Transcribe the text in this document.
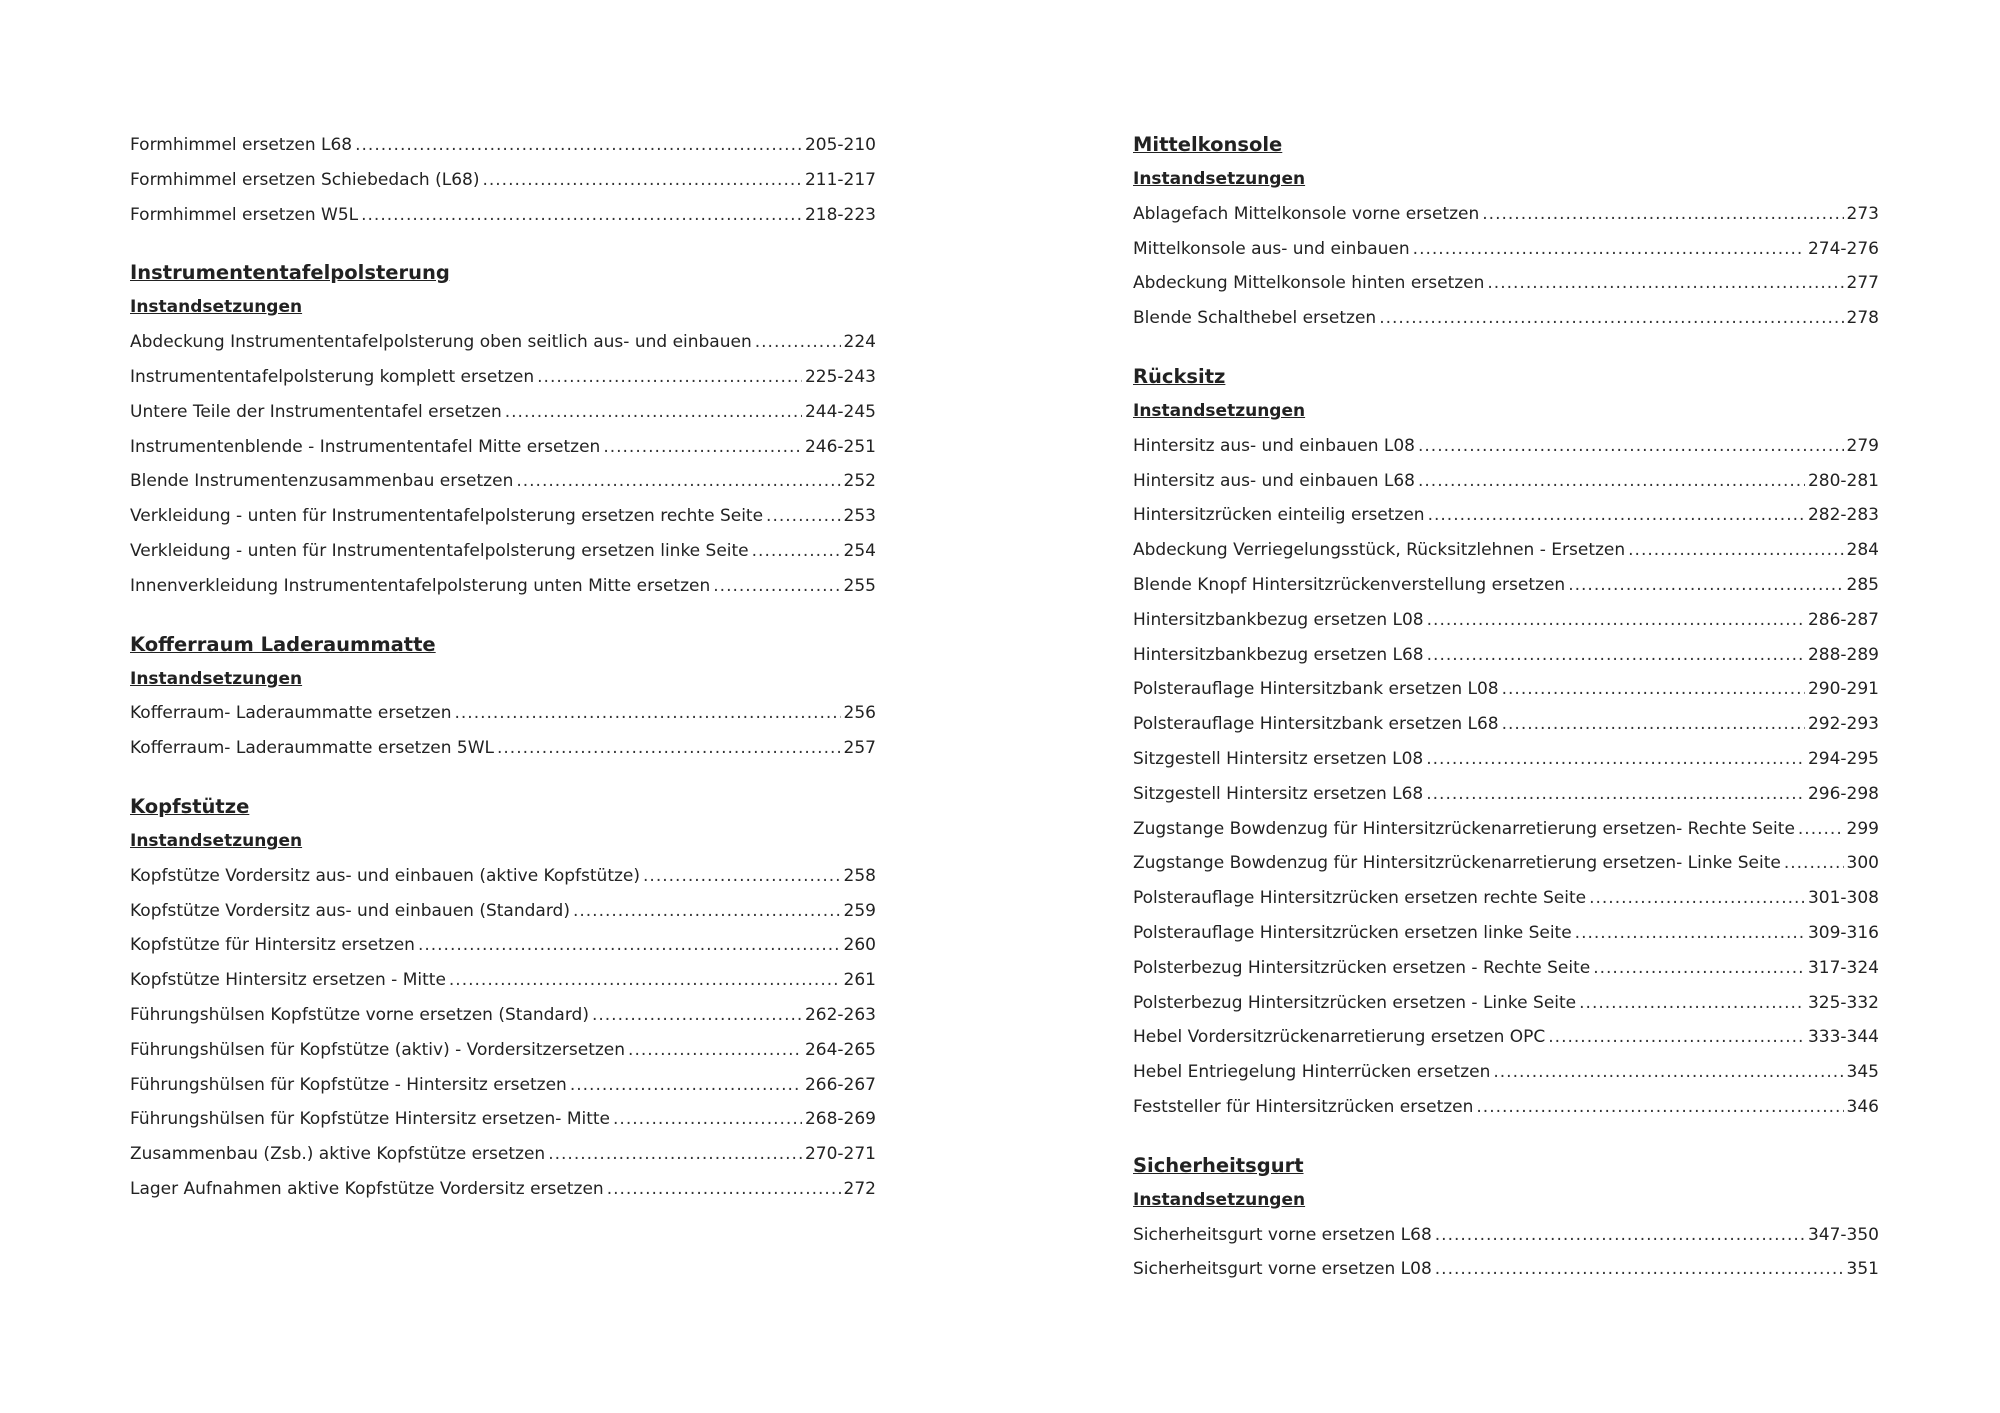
Formhimmel ersetzen L68 .....	205-210
Formhimmel ersetzen Schiebedach (L68) .....	211-217
Formhimmel ersetzen W5L .....	218-223
Instrumententafelpolsterung
Instandsetzungen
Abdeckung Instrumententafelpolsterung oben seitlich aus- und einbauen .....	224
Instrumententafelpolsterung komplett ersetzen .....	225-243
Untere Teile der Instrumententafel ersetzen .....	244-245
Instrumentenblende - Instrumententafel Mitte ersetzen .....	246-251
Blende Instrumentenzusammenbau ersetzen .....	252
Verkleidung - unten für Instrumententafelpolsterung ersetzen rechte Seite .....	253
Verkleidung - unten für Instrumententafelpolsterung ersetzen linke Seite .....	254
Innenverkleidung Instrumententafelpolsterung unten Mitte ersetzen .....	255
Kofferraum Laderaummatte
Instandsetzungen
Kofferraum- Laderaummatte ersetzen .....	256
Kofferraum- Laderaummatte ersetzen 5WL .....	257
Kopfstütze
Instandsetzungen
Kopfstütze Vordersitz aus- und einbauen (aktive Kopfstütze) .....	258
Kopfstütze Vordersitz aus- und einbauen (Standard) .....	259
Kopfstütze für Hintersitz ersetzen .....	260
Kopfstütze Hintersitz ersetzen - Mitte .....	261
Führungshülsen Kopfstütze vorne ersetzen (Standard) .....	262-263
Führungshülsen für Kopfstütze (aktiv) - Vordersitzersetzen .....	264-265
Führungshülsen für Kopfstütze - Hintersitz ersetzen .....	266-267
Führungshülsen für Kopfstütze Hintersitz ersetzen- Mitte .....	268-269
Zusammenbau (Zsb.) aktive Kopfstütze ersetzen .....	270-271
Lager Aufnahmen aktive Kopfstütze Vordersitz ersetzen .....	272
Mittelkonsole
Instandsetzungen
Ablagefach Mittelkonsole vorne ersetzen .....	273
Mittelkonsole aus- und einbauen .....	274-276
Abdeckung Mittelkonsole hinten ersetzen .....	277
Blende Schalthebel ersetzen .....	278
Rücksitz
Instandsetzungen
Hintersitz aus- und einbauen L08 .....	279
Hintersitz aus- und einbauen L68 .....	280-281
Hintersitzrücken einteilig ersetzen .....	282-283
Abdeckung Verriegelungsstück, Rücksitzlehnen - Ersetzen .....	284
Blende Knopf Hintersitzrückenverstellung ersetzen .....	285
Hintersitzbankbezug ersetzen L08 .....	286-287
Hintersitzbankbezug ersetzen L68 .....	288-289
Polsterauflage Hintersitzbank ersetzen L08 .....	290-291
Polsterauflage Hintersitzbank ersetzen L68 .....	292-293
Sitzgestell Hintersitz ersetzen L08 .....	294-295
Sitzgestell Hintersitz ersetzen L68 .....	296-298
Zugstange Bowdenzug für Hintersitzrückenarretierung ersetzen- Rechte Seite .....	299
Zugstange Bowdenzug für Hintersitzrückenarretierung ersetzen- Linke Seite .....	300
Polsterauflage Hintersitzrücken ersetzen rechte Seite .....	301-308
Polsterauflage Hintersitzrücken ersetzen linke Seite .....	309-316
Polsterbezug Hintersitzrücken ersetzen - Rechte Seite .....	317-324
Polsterbezug Hintersitzrücken ersetzen - Linke Seite .....	325-332
Hebel Vordersitzrückenarretierung ersetzen OPC .....	333-344
Hebel Entriegelung Hinterrücken ersetzen .....	345
Feststeller für Hintersitzrücken ersetzen .....	346
Sicherheitsgurt
Instandsetzungen
Sicherheitsgurt vorne ersetzen L68 .....	347-350
Sicherheitsgurt vorne ersetzen L08 .....	351
